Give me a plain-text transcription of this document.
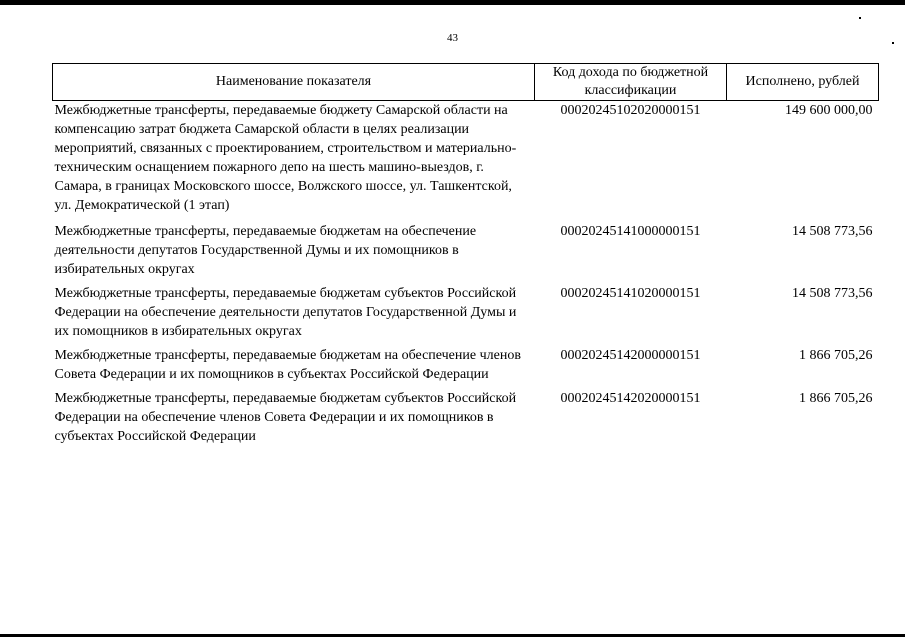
43
Наименование показателя	Код дохода по бюджетной классификации	Исполнено, рублей
Межбюджетные трансферты, передаваемые бюджету Самарской области на компенсацию затрат бюджета Самарской области в целях реализации мероприятий, связанных с проектированием, строительством и материально-техническим оснащением пожарного депо на шесть машино-выездов, г. Самара, в границах Московского шоссе, Волжского шоссе, ул. Ташкентской, ул. Демократической (1 этап)	00020245102020000151	149 600 000,00
Межбюджетные трансферты, передаваемые бюджетам на обеспечение деятельности депутатов Государственной Думы и их помощников в избирательных округах	00020245141000000151	14 508 773,56
Межбюджетные трансферты, передаваемые бюджетам субъектов Российской Федерации на обеспечение деятельности депутатов Государственной Думы и их помощников в избирательных округах	00020245141020000151	14 508 773,56
Межбюджетные трансферты, передаваемые бюджетам на обеспечение членов Совета Федерации и их помощников в субъектах Российской Федерации	00020245142000000151	1 866 705,26
Межбюджетные трансферты, передаваемые бюджетам субъектов Российской Федерации на обеспечение членов Совета Федерации и их помощников в субъектах Российской Федерации	00020245142020000151	1 866 705,26
